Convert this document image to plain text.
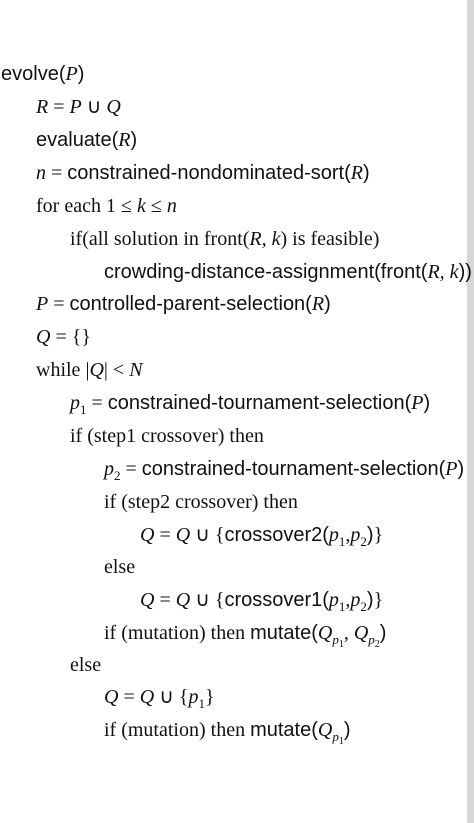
evolve(P)
R = P ∪ Q
evaluate(R)
n = constrained-nondominated-sort(R)
for each 1 ≤ k ≤ n
if(all solution in front(R, k) is feasible)
crowding-distance-assignment(front(R, k))
P = controlled-parent-selection(R)
Q = {}
while |Q| < N
$p_1$ = constrained-tournament-selection(P)
if (step1 crossover) then
$p_2$ = constrained-tournament-selection(P)
if (step2 crossover) then
Q = Q ∪ $\{crossover2(p_1,p_2)\}$
else
Q = Q ∪ $\{crossover1(p_1,p_2)\}$
if (mutation) then $mutate(Q_{p_1}$, $Q_{p_2}$)
else
Q = Q ∪ $\{p_1\}$
if (mutation) then $mutate(Q_{p_1})$
